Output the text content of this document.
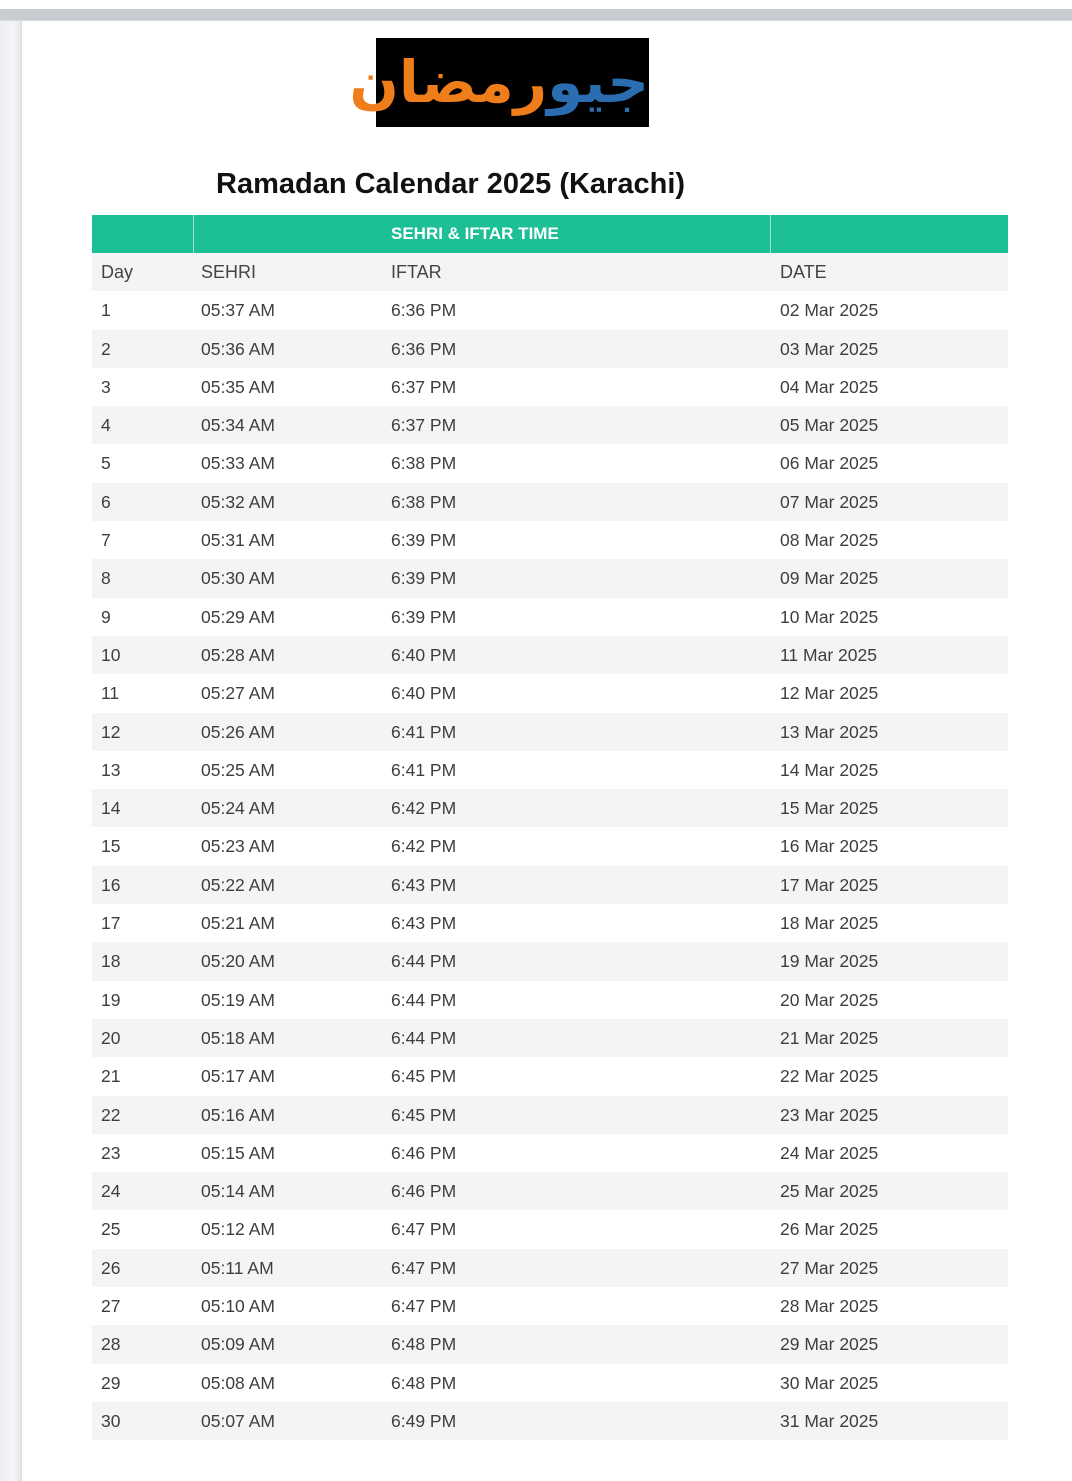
جیورمضان
Ramadan Calendar 2025 (Karachi)
SEHRI & IFTAR TIME
Day	SEHRI	IFTAR	DATE
1	05:37 AM	6:36 PM	02 Mar 2025
2	05:36 AM	6:36 PM	03 Mar 2025
3	05:35 AM	6:37 PM	04 Mar 2025
4	05:34 AM	6:37 PM	05 Mar 2025
5	05:33 AM	6:38 PM	06 Mar 2025
6	05:32 AM	6:38 PM	07 Mar 2025
7	05:31 AM	6:39 PM	08 Mar 2025
8	05:30 AM	6:39 PM	09 Mar 2025
9	05:29 AM	6:39 PM	10 Mar 2025
10	05:28 AM	6:40 PM	11 Mar 2025
11	05:27 AM	6:40 PM	12 Mar 2025
12	05:26 AM	6:41 PM	13 Mar 2025
13	05:25 AM	6:41 PM	14 Mar 2025
14	05:24 AM	6:42 PM	15 Mar 2025
15	05:23 AM	6:42 PM	16 Mar 2025
16	05:22 AM	6:43 PM	17 Mar 2025
17	05:21 AM	6:43 PM	18 Mar 2025
18	05:20 AM	6:44 PM	19 Mar 2025
19	05:19 AM	6:44 PM	20 Mar 2025
20	05:18 AM	6:44 PM	21 Mar 2025
21	05:17 AM	6:45 PM	22 Mar 2025
22	05:16 AM	6:45 PM	23 Mar 2025
23	05:15 AM	6:46 PM	24 Mar 2025
24	05:14 AM	6:46 PM	25 Mar 2025
25	05:12 AM	6:47 PM	26 Mar 2025
26	05:11 AM	6:47 PM	27 Mar 2025
27	05:10 AM	6:47 PM	28 Mar 2025
28	05:09 AM	6:48 PM	29 Mar 2025
29	05:08 AM	6:48 PM	30 Mar 2025
30	05:07 AM	6:49 PM	31 Mar 2025
